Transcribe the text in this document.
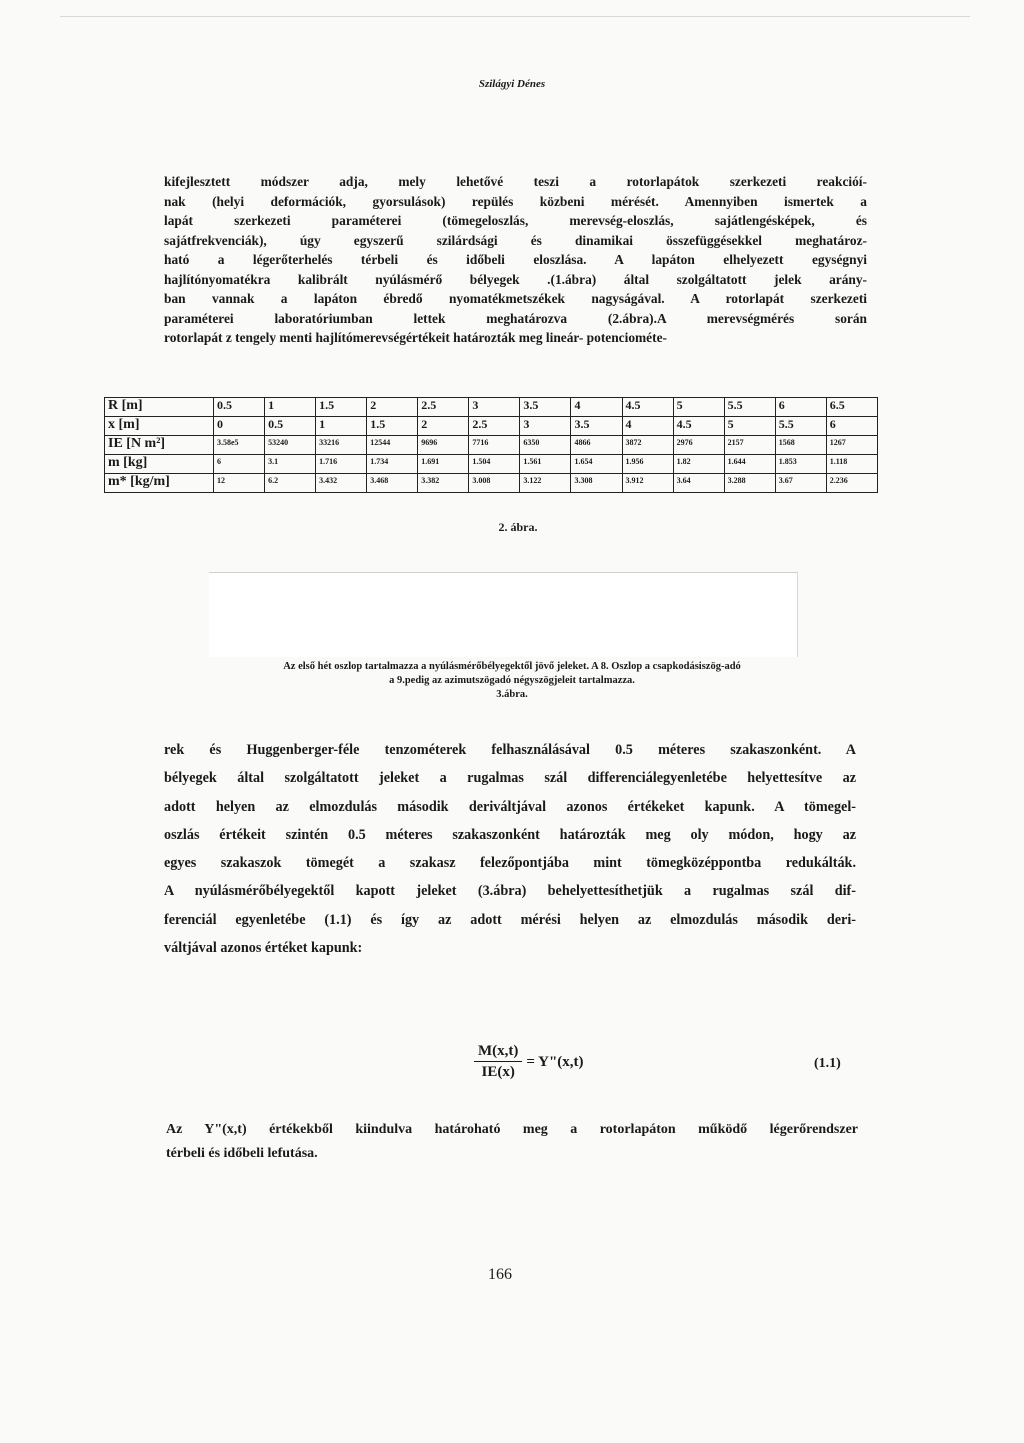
Szilágyi Dénes
kifejlesztett módszer adja, mely lehetővé teszi a rotorlapátok szerkezeti reakcióí-
nak (helyi deformációk, gyorsulások) repülés közbeni mérését. Amennyiben ismertek a
lapát szerkezeti paraméterei (tömegeloszlás, merevség-eloszlás, sajátlengésképek, és
sajátfrekvenciák), úgy egyszerű szilárdsági és dinamikai összefüggésekkel meghatároz-
ható a légerőterhelés térbeli és időbeli eloszlása. A lapáton elhelyezett egységnyi
hajlítónyomatékra kalibrált nyúlásmérő bélyegek .(1.ábra) által szolgáltatott jelek arány-
ban vannak a lapáton ébredő nyomatékmetszékek nagyságával. A rotorlapát szerkezeti
paraméterei laboratóriumban lettek meghatározva (2.ábra).A merevségmérés során
rotorlapát z tengely menti hajlítómerevségértékeit határozták meg lineár- potenciométe-
R [m]	0.5	1	1.5	2	2.5	3	3.5	4	4.5	5	5.5	6	6.5
x [m]	0	0.5	1	1.5	2	2.5	3	3.5	4	4.5	5	5.5	6
IE [N m²]	3.58e5	53240	33216	12544	9696	7716	6350	4866	3872	2976	2157	1568	1267
m [kg]	6	3.1	1.716	1.734	1.691	1.504	1.561	1.654	1.956	1.82	1.644	1.853	1.118
m* [kg/m]	12	6.2	3.432	3.468	3.382	3.008	3.122	3.308	3.912	3.64	3.288	3.67	2.236
2. ábra.
Az első hét oszlop tartalmazza a nyúlásmérőbélyegektől jövő jeleket. A 8. Oszlop a csapkodásiszög-adó
a 9.pedig az azimutszögadó négyszögjeleit tartalmazza.
3.ábra.
rek és Huggenberger-féle tenzométerek felhasználásával 0.5 méteres szakaszonként. A
bélyegek által szolgáltatott jeleket a rugalmas szál differenciálegyenletébe helyettesítve az
adott helyen az elmozdulás második deriváltjával azonos értékeket kapunk. A tömegel-
oszlás értékeit szintén 0.5 méteres szakaszonként határozták meg oly módon, hogy az
egyes szakaszok tömegét a szakasz felezőpontjába mint tömegközéppontba redukálták.
A nyúlásmérőbélyegektől kapott jeleket (3.ábra) behelyettesíthetjük a rugalmas szál dif-
ferenciál egyenletébe (1.1) és így az adott mérési helyen az elmozdulás második deri-
váltjával azonos értéket kapunk:
$\frac{M(x,t)}{IE(x)}$ = Y"(x,t)	(1.1)
Az Y"(x,t) értékekből kiindulva határoható meg a rotorlapáton működő légerőrendszer
térbeli és időbeli lefutása.
166
